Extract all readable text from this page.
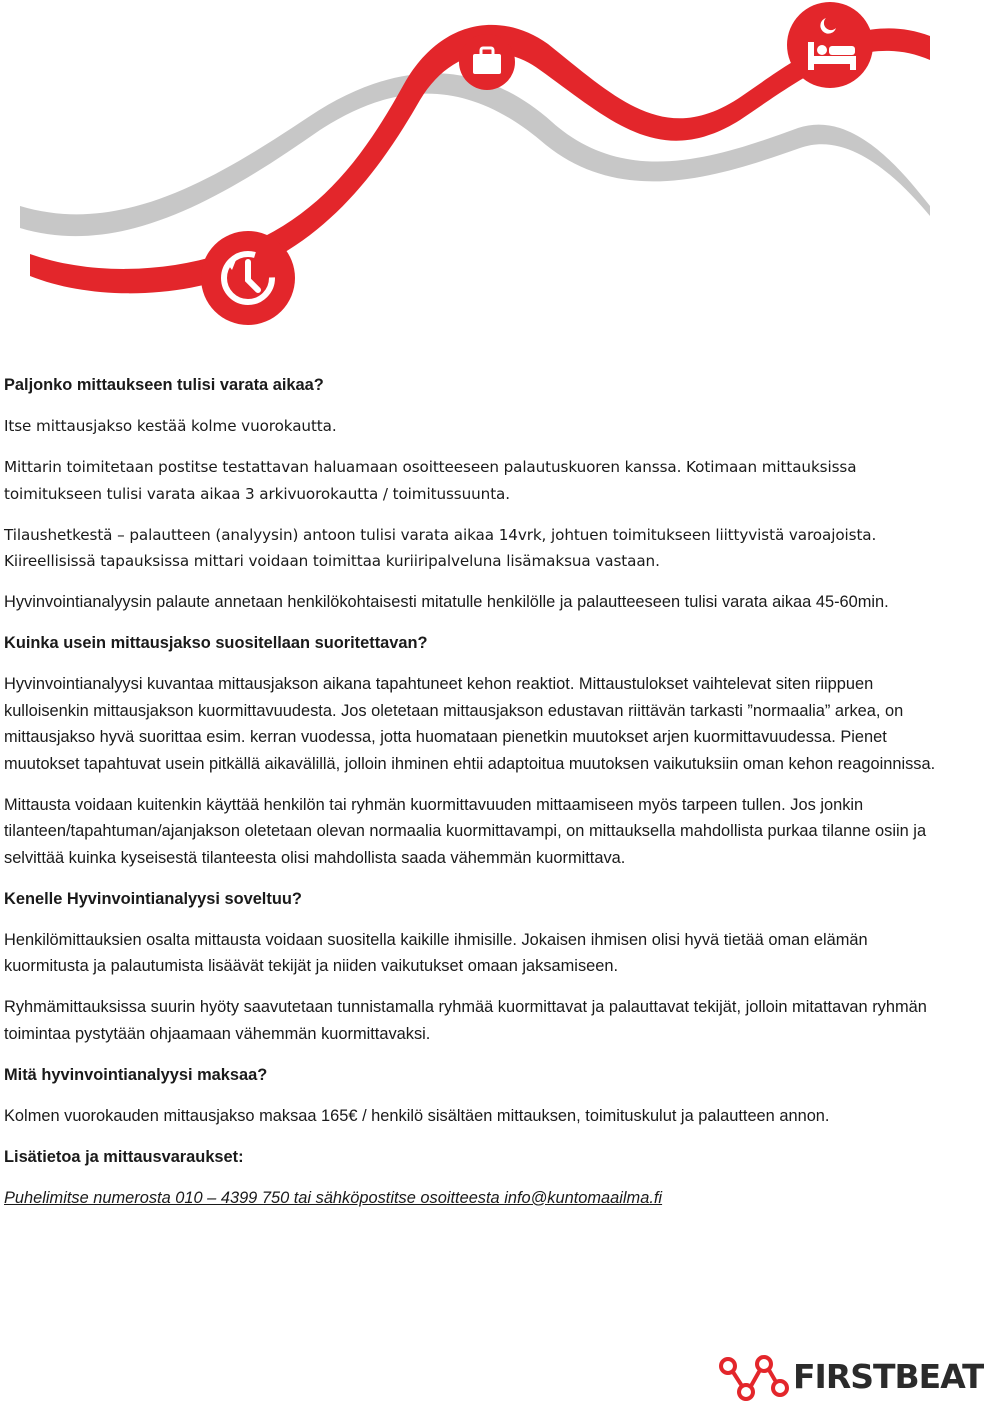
Paljonko mittaukseen tulisi varata aikaa?

Itse mittausjakso kestää kolme vuorokautta.

Mittarin toimitetaan postitse testattavan haluamaan osoitteeseen palautuskuoren kanssa. Kotimaan mittauksissa toimitukseen tulisi varata aikaa 3 arkivuorokautta / toimitussuunta.

Tilaushetkestä – palautteen (analyysin) antoon tulisi varata aikaa 14vrk, johtuen toimitukseen liittyvistä varoajoista. Kiireellisissä tapauksissa mittari voidaan toimittaa kuriiripalveluna lisämaksua vastaan.

Hyvinvointianalyysin palaute annetaan henkilökohtaisesti mitatulle henkilölle ja palautteeseen tulisi varata aikaa 45-60min.

Kuinka usein mittausjakso suositellaan suoritettavan?

Hyvinvointianalyysi kuvantaa mittausjakson aikana tapahtuneet kehon reaktiot. Mittaustulokset vaihtelevat siten riippuen kulloisenkin mittausjakson kuormittavuudesta. Jos oletetaan mittausjakson edustavan riittävän tarkasti ”normaalia” arkea, on mittausjakso hyvä suorittaa esim. kerran vuodessa, jotta huomataan pienetkin muutokset arjen kuormittavuudessa. Pienet muutokset tapahtuvat usein pitkällä aikavälillä, jolloin ihminen ehtii adaptoitua muutoksen vaikutuksiin oman kehon reagoinnissa.

Mittausta voidaan kuitenkin käyttää henkilön tai ryhmän kuormittavuuden mittaamiseen myös tarpeen tullen. Jos jonkin tilanteen/tapahtuman/ajanjakson oletetaan olevan normaalia kuormittavampi, on mittauksella mahdollista purkaa tilanne osiin ja selvittää kuinka kyseisestä tilanteesta olisi mahdollista saada vähemmän kuormittava.

Kenelle Hyvinvointianalyysi soveltuu?

Henkilömittauksien osalta mittausta voidaan suositella kaikille ihmisille. Jokaisen ihmisen olisi hyvä tietää oman elämän kuormitusta ja palautumista lisäävät tekijät ja niiden vaikutukset omaan jaksamiseen.

Ryhmämittauksissa suurin hyöty saavutetaan tunnistamalla ryhmää kuormittavat ja palauttavat tekijät, jolloin mitattavan ryhmän toimintaa pystytään ohjaamaan vähemmän kuormittavaksi.

Mitä hyvinvointianalyysi maksaa?

Kolmen vuorokauden mittausjakso maksaa 165€ / henkilö sisältäen mittauksen, toimituskulut ja palautteen annon.

Lisätietoa ja mittausvaraukset:

Puhelimitse numerosta 010 – 4399 750 tai sähköpostitse osoitteesta info@kuntomaailma.fi

FIRSTBEAT
